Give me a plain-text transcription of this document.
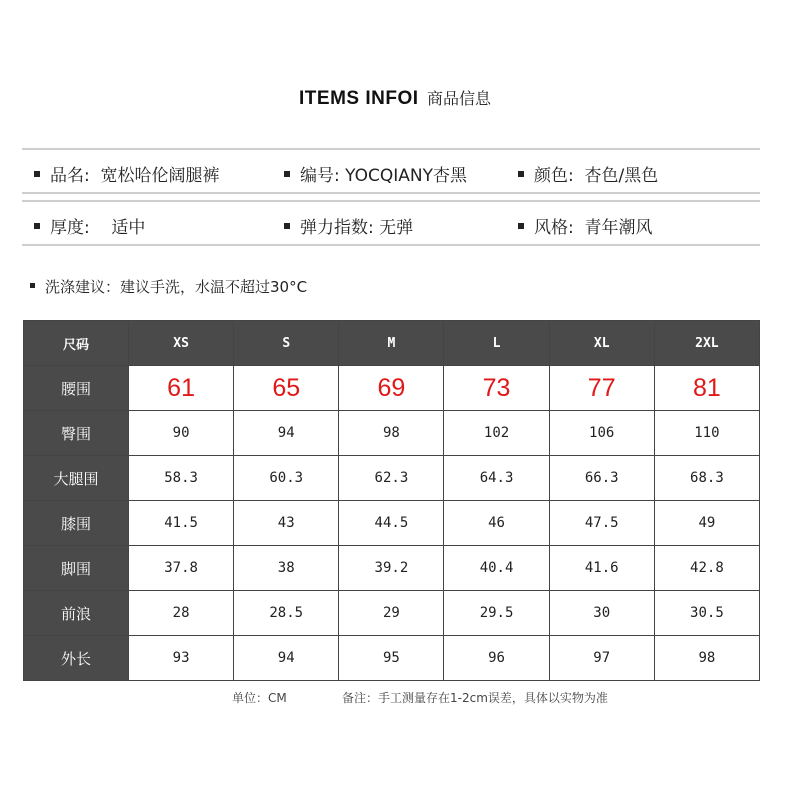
ITEMS INFOI 商品信息
品名: 宽松哈伦阔腿裤	编号: YOCQIANY杏黑	颜色: 杏色/黑色
厚度: 适中	弹力指数: 无弹	风格: 青年潮风
洗涤建议：建议手洗，水温不超过30°C
尺码	XS	S	M	L	XL	2XL
腰围	61	65	69	73	77	81
臀围	90	94	98	102	106	110
大腿围	58.3	60.3	62.3	64.3	66.3	68.3
膝围	41.5	43	44.5	46	47.5	49
脚围	37.8	38	39.2	40.4	41.6	42.8
前浪	28	28.5	29	29.5	30	30.5
外长	93	94	95	96	97	98
单位：CM	备注：手工测量存在1-2cm误差，具体以实物为准
